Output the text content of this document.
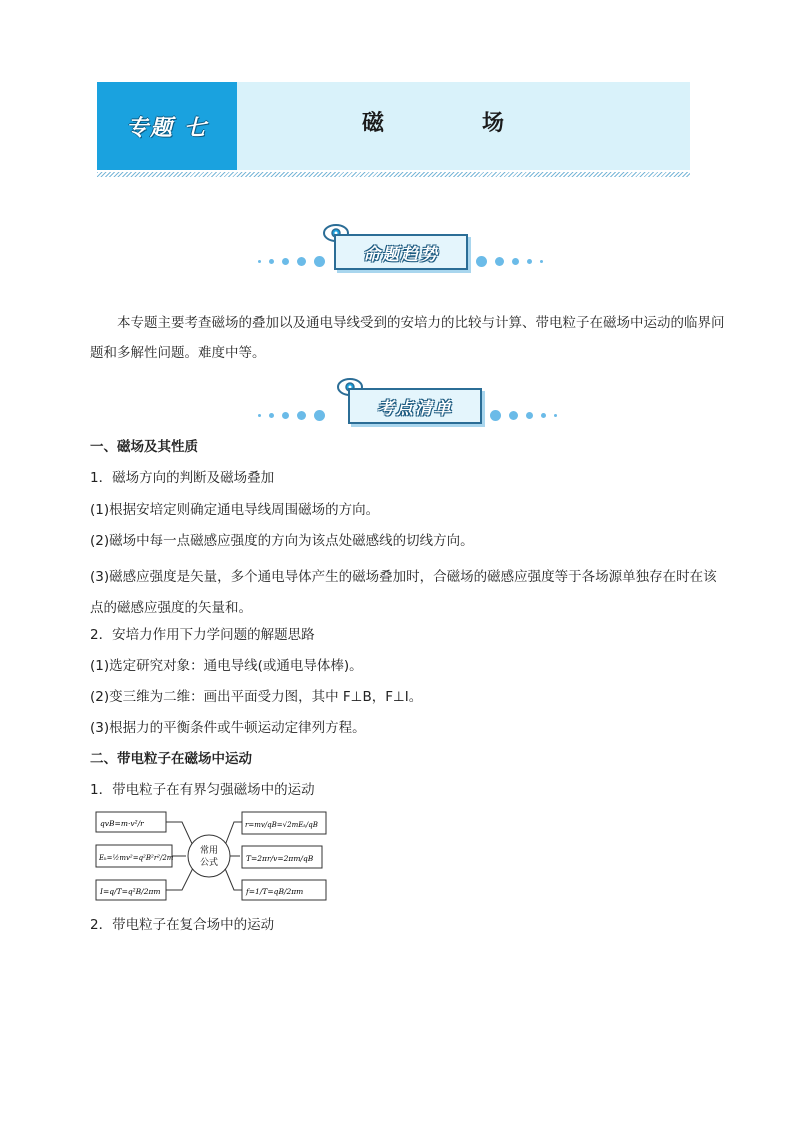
专题 七	磁　场
命题趋势
本专题主要考查磁场的叠加以及通电导线受到的安培力的比较与计算、带电粒子在磁场中运动的临界问题和多解性问题。难度中等。
考点清单
一、磁场及其性质
1．磁场方向的判断及磁场叠加
(1)根据安培定则确定通电导线周围磁场的方向。
(2)磁场中每一点磁感应强度的方向为该点处磁感线的切线方向。
(3)磁感应强度是矢量，多个通电导体产生的磁场叠加时，合磁场的磁感应强度等于各场源单独存在时在该点的磁感应强度的矢量和。
2．安培力作用下力学问题的解题思路
(1)选定研究对象：通电导线(或通电导体棒)。
(2)变三维为二维：画出平面受力图，其中 F⊥B，F⊥I。
(3)根据力的平衡条件或牛顿运动定律列方程。
二、带电粒子在磁场中运动
1．带电粒子在有界匀强磁场中的运动
常用
公式
qvB=m·v²/r
Eₖ=½mv²=q²B²r²/2m
I=q/T=q²B/2πm
r=mv/qB=√2mEₖ/qB
T=2πr/v=2πm/qB
f=1/T=qB/2πm
2．带电粒子在复合场中的运动
